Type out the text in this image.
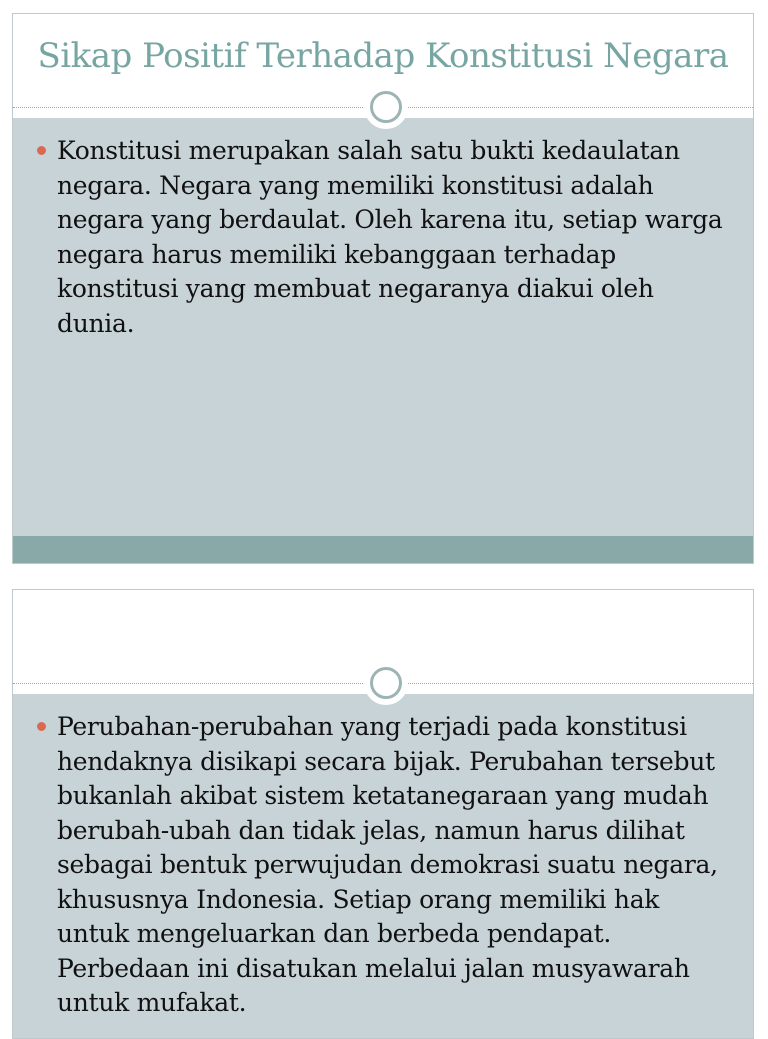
Sikap Positif Terhadap Konstitusi Negara

Konstitusi merupakan salah satu bukti kedaulatan negara. Negara yang memiliki konstitusi adalah negara yang berdaulat. Oleh karena itu, setiap warga negara harus memiliki kebanggaan terhadap konstitusi yang membuat negaranya diakui oleh dunia.

Perubahan-perubahan yang terjadi pada konstitusi hendaknya disikapi secara bijak. Perubahan tersebut bukanlah akibat sistem ketatanegaraan yang mudah berubah-ubah dan tidak jelas, namun harus dilihat sebagai bentuk perwujudan demokrasi suatu negara, khususnya Indonesia. Setiap orang memiliki hak untuk mengeluarkan dan berbeda pendapat. Perbedaan ini disatukan melalui jalan musyawarah untuk mufakat.
